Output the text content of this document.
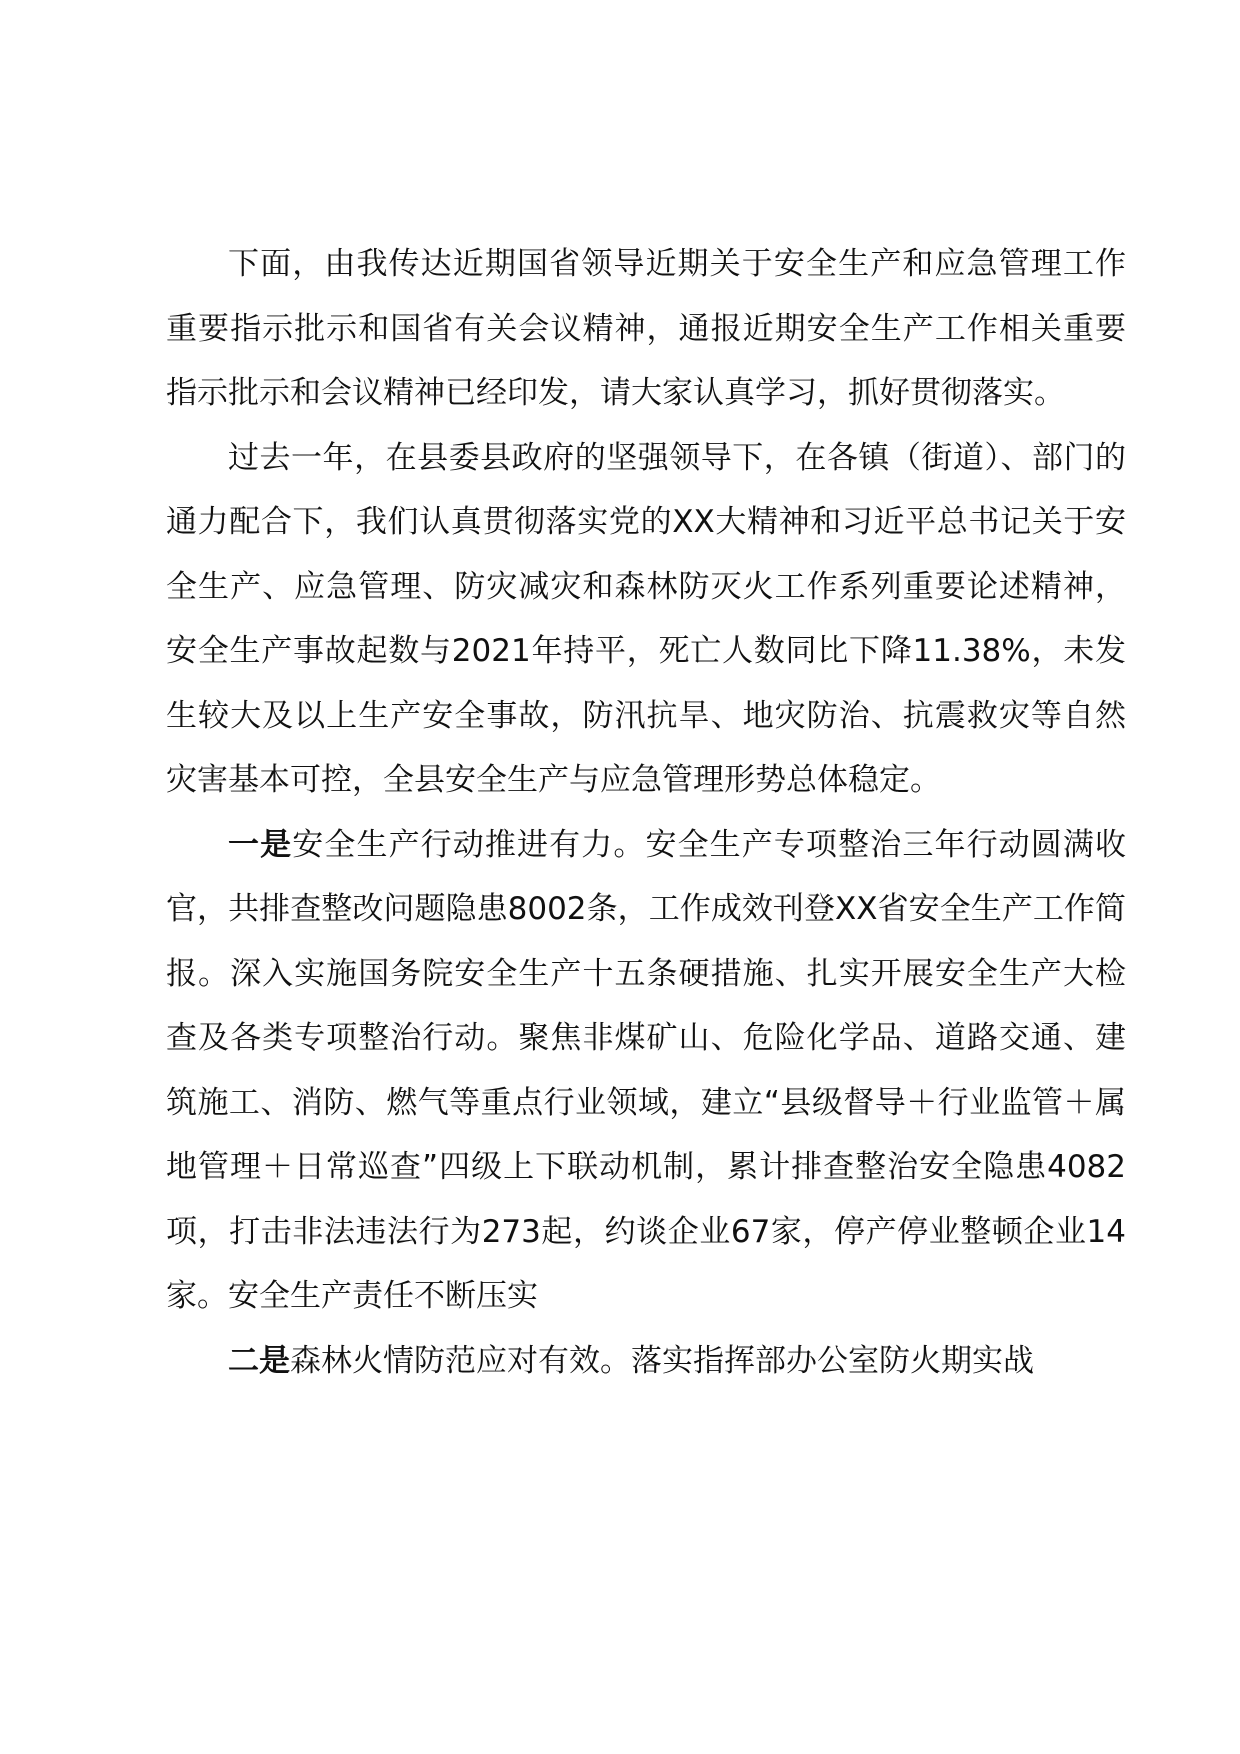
下面，由我传达近期国省领导近期关于安全生产和应急管理工作重要指示批示和国省有关会议精神，通报近期安全生产工作相关重要指示批示和会议精神已经印发，请大家认真学习，抓好贯彻落实。

过去一年，在县委县政府的坚强领导下，在各镇（街道）、部门的通力配合下，我们认真贯彻落实党的XX大精神和习近平总书记关于安全生产、应急管理、防灾减灾和森林防灭火工作系列重要论述精神，安全生产事故起数与2021年持平，死亡人数同比下降11.38%，未发生较大及以上生产安全事故，防汛抗旱、地灾防治、抗震救灾等自然灾害基本可控，全县安全生产与应急管理形势总体稳定。

一是安全生产行动推进有力。安全生产专项整治三年行动圆满收官，共排查整改问题隐患8002条，工作成效刊登XX省安全生产工作简报。深入实施国务院安全生产十五条硬措施、扎实开展安全生产大检查及各类专项整治行动。聚焦非煤矿山、危险化学品、道路交通、建筑施工、消防、燃气等重点行业领域，建立“县级督导＋行业监管＋属地管理＋日常巡查”四级上下联动机制，累计排查整治安全隐患4082项，打击非法违法行为273起，约谈企业67家，停产停业整顿企业14家。安全生产责任不断压实

二是森林火情防范应对有效。落实指挥部办公室防火期实战
